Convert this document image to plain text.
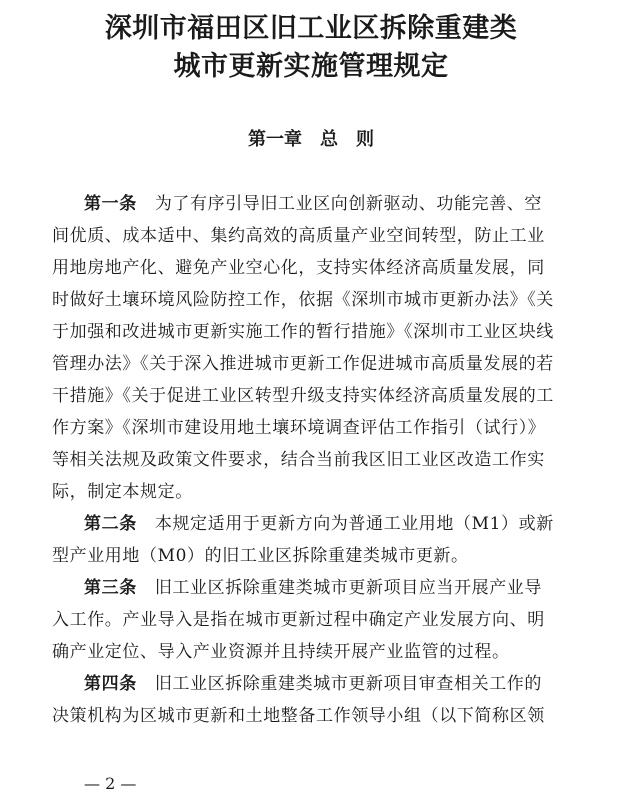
深圳市福田区旧工业区拆除重建类
城市更新实施管理规定
第一章　总　则
第一条 为了有序引导旧工业区向创新驱动、功能完善、空
间优质、成本适中、集约高效的高质量产业空间转型，防止工业
用地房地产化、避免产业空心化，支持实体经济高质量发展，同
时做好土壤环境风险防控工作，依据《深圳市城市更新办法》《关
于加强和改进城市更新实施工作的暂行措施》《深圳市工业区块线
管理办法》《关于深入推进城市更新工作促进城市高质量发展的若
干措施》《关于促进工业区转型升级支持实体经济高质量发展的工
作方案》《深圳市建设用地土壤环境调查评估工作指引（试行）》
等相关法规及政策文件要求，结合当前我区旧工业区改造工作实
际，制定本规定。
第二条 本规定适用于更新方向为普通工业用地（M1）或新
型产业用地（M0）的旧工业区拆除重建类城市更新。
第三条 旧工业区拆除重建类城市更新项目应当开展产业导
入工作。产业导入是指在城市更新过程中确定产业发展方向、明
确产业定位、导入产业资源并且持续开展产业监管的过程。
第四条 旧工业区拆除重建类城市更新项目审查相关工作的
决策机构为区城市更新和土地整备工作领导小组（以下简称区领
— 2 —
